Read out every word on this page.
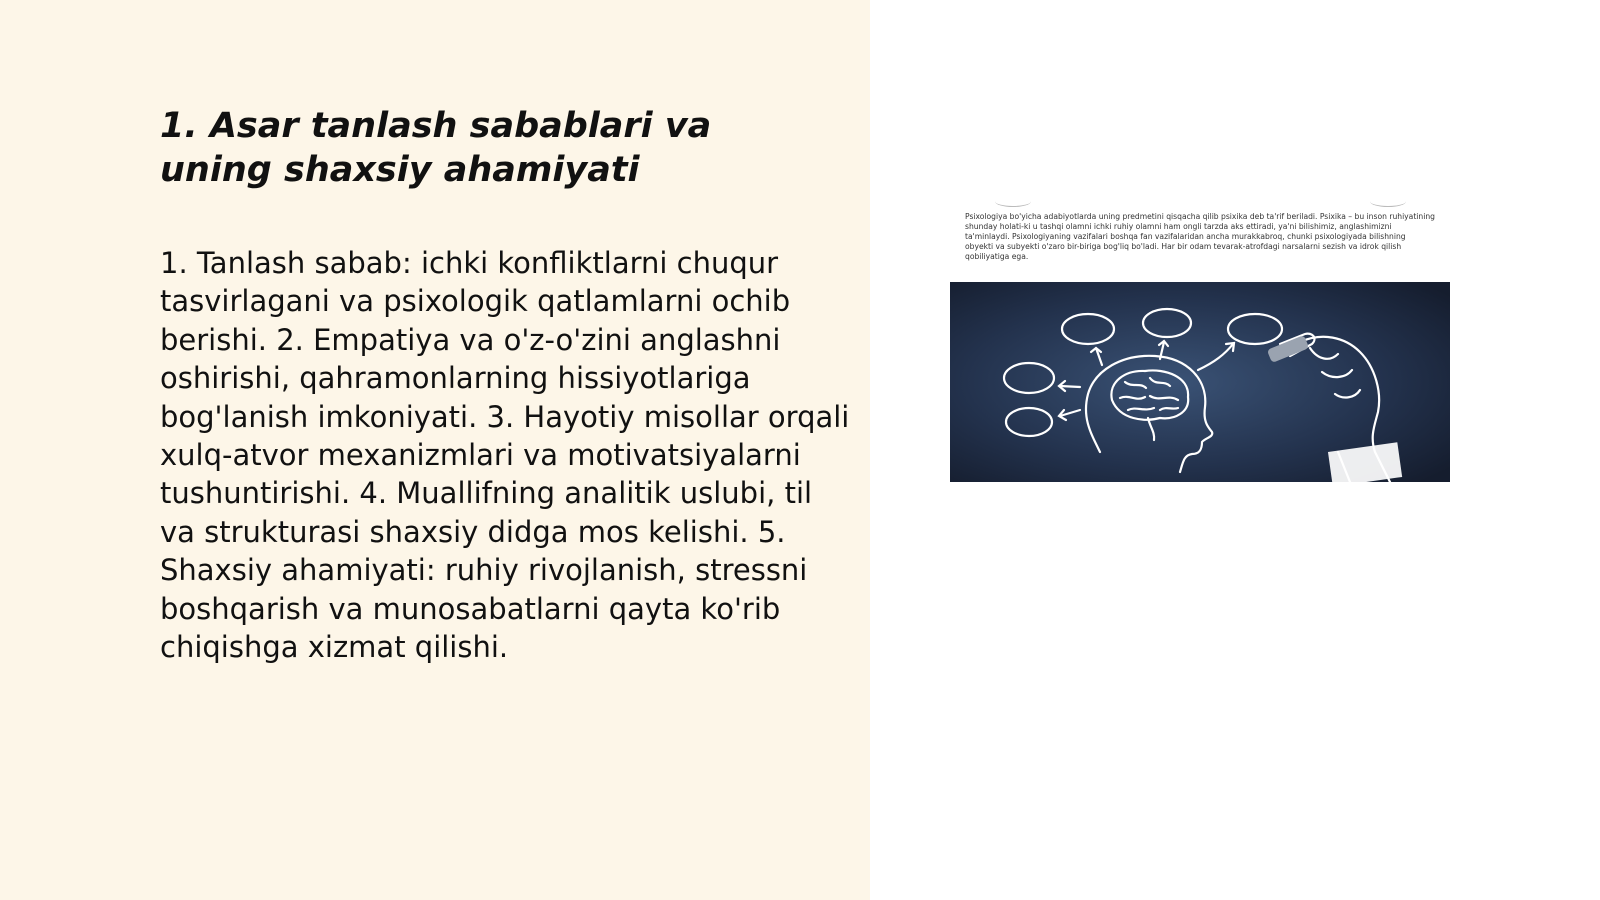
1. Asar tanlash sabablari va uning shaxsiy ahamiyati

1. Tanlash sabab: ichki konfliktlarni chuqur tasvirlagani va psixologik qatlamlarni ochib berishi. 2. Empatiya va o'z-o'zini anglashni oshirishi, qahramonlarning hissiyotlariga bog'lanish imkoniyati. 3. Hayotiy misollar orqali xulq-atvor mexanizmlari va motivatsiyalarni tushuntirishi. 4. Muallifning analitik uslubi, til va strukturasi shaxsiy didga mos kelishi. 5. Shaxsiy ahamiyati: ruhiy rivojlanish, stressni boshqarish va munosabatlarni qayta ko'rib chiqishga xizmat qilishi.

Psixologiya bo'yicha adabiyotlarda uning predmetini qisqacha qilib psixika deb ta'rif beriladi. Psixika – bu inson ruhiyatining shunday holati-ki u tashqi olamni ichki ruhiy olamni ham ongli tarzda aks ettiradi, ya'ni bilishimiz, anglashimizni ta'minlaydi. Psixologiyaning vazifalari boshqa fan vazifalaridan ancha murakkabroq, chunki psixologiyada bilishning obyekti va subyekti o'zaro bir-biriga bog'liq bo'ladi. Har bir odam tevarak-atrofdagi narsalarni sezish va idrok qilish qobiliyatiga ega.
